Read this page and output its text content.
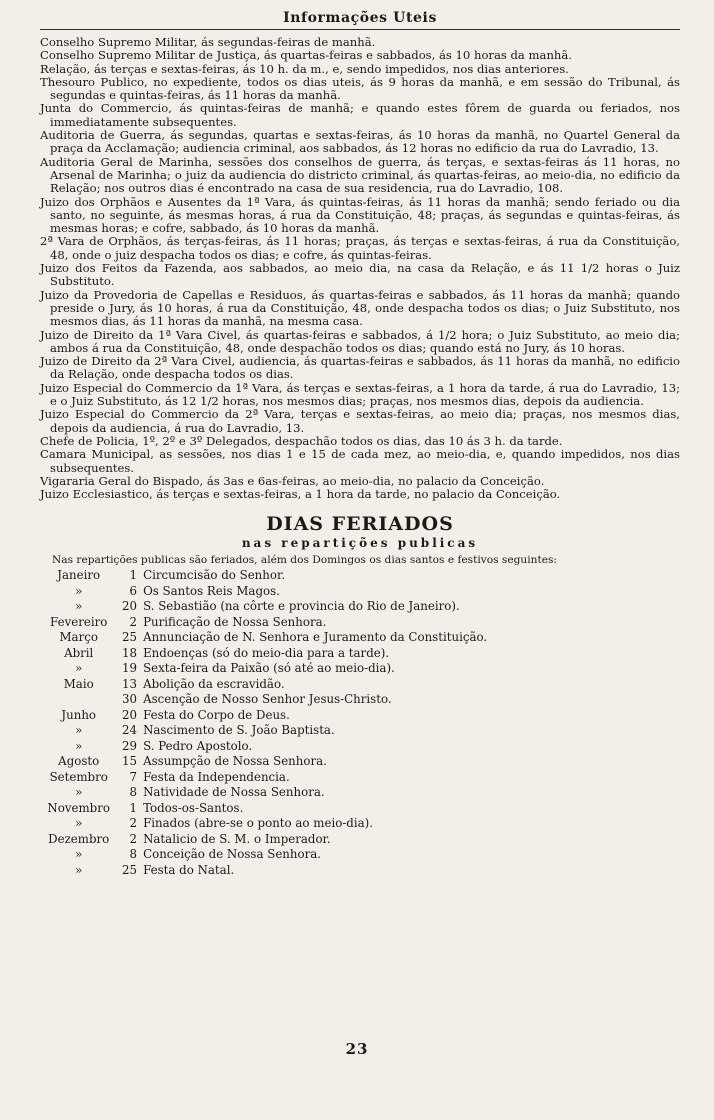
Informações Uteis

Conselho Supremo Militar, ás segundas-feiras de manhã.

Conselho Supremo Militar de Justiça, ás quartas-feiras e sabbados, ás 10 horas da manhã.

Relação, ás terças e sextas-feiras, ás 10 h. da m., e, sendo impedidos, nos dias anteriores.

Thesouro Publico, no expediente, todos os dias uteis, ás 9 horas da manhã, e em sessão do Tribunal, ás segundas e quintas-feiras, ás 11 horas da manhã.

Junta do Commercio, ás quintas-feiras de manhã; e quando estes fôrem de guarda ou feriados, nos immediatamente subsequentes.

Auditoria de Guerra, ás segundas, quartas e sextas-feiras, ás 10 horas da manhã, no Quartel General da praça da Acclamação; audiencia criminal, aos sabbados, ás 12 horas no edificio da rua do Lavradio, 13.

Auditoria Geral de Marinha, sessões dos conselhos de guerra, ás terças, e sextas-feiras ás 11 horas, no Arsenal de Marinha; o juiz da audiencia do districto criminal, ás quartas-feiras, ao meio-dia, no edificio da Relação; nos outros dias é encontrado na casa de sua residencia, rua do Lavradio, 108.

Juizo dos Orphãos e Ausentes da 1ª Vara, ás quintas-feiras, ás 11 horas da manhã; sendo feriado ou dia santo, no seguinte, ás mesmas horas, á rua da Constituição, 48; praças, ás segundas e quintas-feiras, ás mesmas horas; e cofre, sabbado, ás 10 horas da manhã.

2ª Vara de Orphãos, ás terças-feiras, ás 11 horas; praças, ás terças e sextas-feiras, á rua da Constituição, 48, onde o juiz despacha todos os dias; e cofre, ás quintas-feiras.

Juizo dos Feitos da Fazenda, aos sabbados, ao meio dia, na casa da Relação, e ás 11 1/2 horas o Juiz Substituto.

Juizo da Provedoria de Capellas e Residuos, ás quartas-feiras e sabbados, ás 11 horas da manhã; quando preside o Jury, ás 10 horas, á rua da Constituição, 48, onde despacha todos os dias; o Juiz Substituto, nos mesmos dias, ás 11 horas da manhã, na mesma casa.

Juizo de Direito da 1ª Vara Civel, ás quartas-feiras e sabbados, á 1/2 hora; o Juiz Substituto, ao meio dia; ambos á rua da Constituição, 48, onde despachão todos os dias; quando está no Jury, ás 10 horas.

Juizo de Direito da 2ª Vara Civel, audiencia, ás quartas-feiras e sabbados, ás 11 horas da manhã, no edificio da Relação, onde despacha todos os dias.

Juizo Especial do Commercio da 1ª Vara, ás terças e sextas-feiras, a 1 hora da tarde, á rua do Lavradio, 13; e o Juiz Substituto, ás 12 1/2 horas, nos mesmos dias; praças, nos mesmos dias, depois da audiencia.

Juizo Especial do Commercio da 2ª Vara, terças e sextas-feiras, ao meio dia; praças, nos mesmos dias, depois da audiencia, á rua do Lavradio, 13.

Chefe de Policia, 1º, 2º e 3º Delegados, despachão todos os dias, das 10 ás 3 h. da tarde.

Camara Municipal, as sessões, nos dias 1 e 15 de cada mez, ao meio-dia, e, quando impedidos, nos dias subsequentes.

Vigararia Geral do Bispado, ás 3as e 6as-feiras, ao meio-dia, no palacio da Conceição.

Juizo Ecclesiastico, ás terças e sextas-feiras, a 1 hora da tarde, no palacio da Conceição.

DIAS FERIADOS
nas repartições publicas
Nas repartições publicas são feriados, além dos Domingos os dias santos e festivos seguintes:
Janeiro	1	Circumcisão do Senhor.
»	6	Os Santos Reis Magos.
»	20	S. Sebastião (na côrte e provincia do Rio de Janeiro).
Fevereiro	2	Purificação de Nossa Senhora.
Março	25	Annunciação de N. Senhora e Juramento da Constituição.
Abril	18	Endoenças (só do meio-dia para a tarde).
»	19	Sexta-feira da Paixão (só até ao meio-dia).
Maio	13	Abolição da escravidão.
	30	Ascenção de Nosso Senhor Jesus-Christo.
Junho	20	Festa do Corpo de Deus.
»	24	Nascimento de S. João Baptista.
»	29	S. Pedro Apostolo.
Agosto	15	Assumpção de Nossa Senhora.
Setembro	7	Festa da Independencia.
»	8	Natividade de Nossa Senhora.
Novembro	1	Todos-os-Santos.
»	2	Finados (abre-se o ponto ao meio-dia).
Dezembro	2	Natalicio de S. M. o Imperador.
»	8	Conceição de Nossa Senhora.
»	25	Festa do Natal.
23
